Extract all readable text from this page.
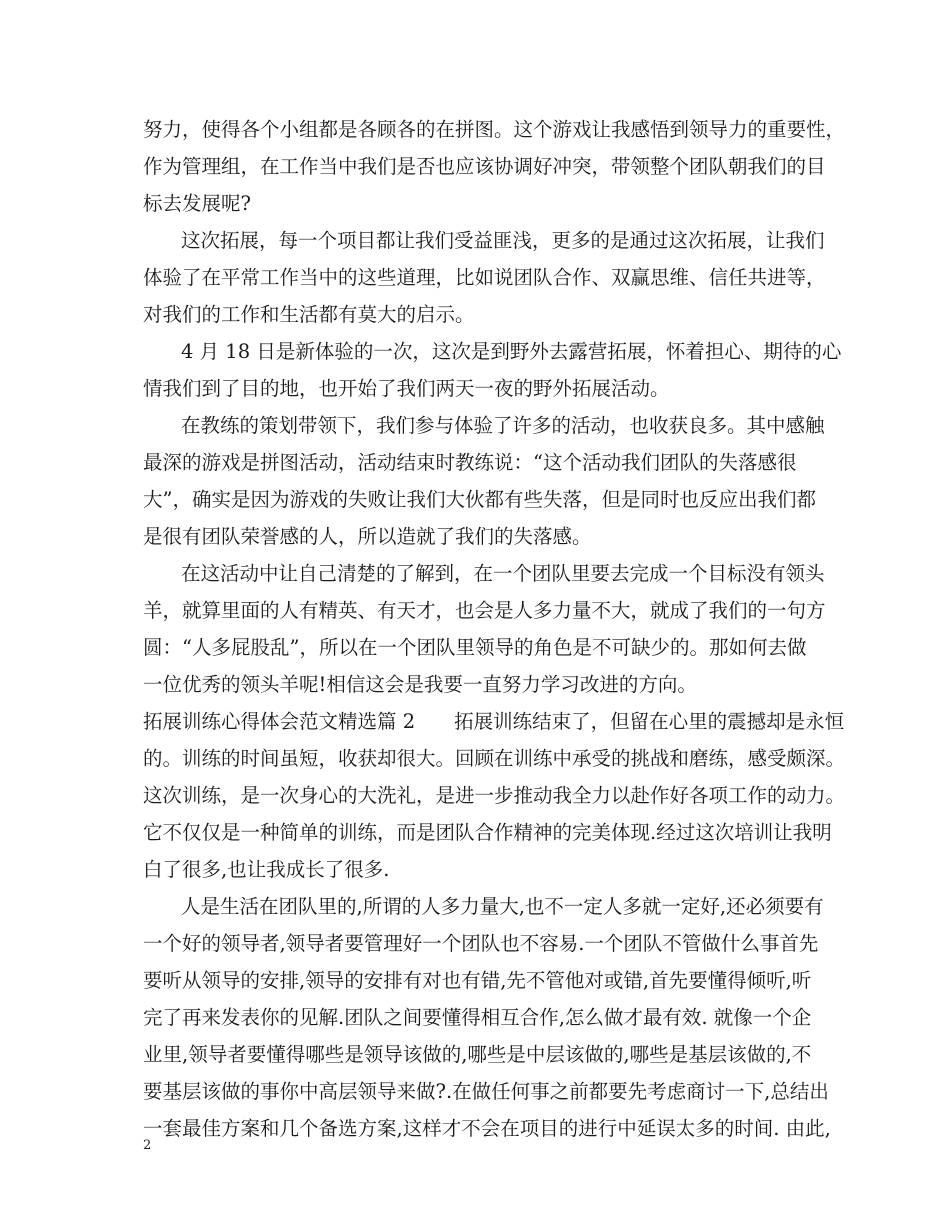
努力，使得各个小组都是各顾各的在拼图。这个游戏让我感悟到领导力的重要性，
作为管理组，在工作当中我们是否也应该协调好冲突，带领整个团队朝我们的目
标去发展呢?
这次拓展，每一个项目都让我们受益匪浅，更多的是通过这次拓展，让我们
体验了在平常工作当中的这些道理，比如说团队合作、双赢思维、信任共进等，
对我们的工作和生活都有莫大的启示。
4 月 18 日是新体验的一次，这次是到野外去露营拓展，怀着担心、期待的心
情我们到了目的地，也开始了我们两天一夜的野外拓展活动。
在教练的策划带领下，我们参与体验了许多的活动，也收获良多。其中感触
最深的游戏是拼图活动，活动结束时教练说：“这个活动我们团队的失落感很
大”，确实是因为游戏的失败让我们大伙都有些失落，但是同时也反应出我们都
是很有团队荣誉感的人，所以造就了我们的失落感。
在这活动中让自己清楚的了解到，在一个团队里要去完成一个目标没有领头
羊，就算里面的人有精英、有天才，也会是人多力量不大，就成了我们的一句方
圆：“人多屁股乱”，所以在一个团队里领导的角色是不可缺少的。那如何去做
一位优秀的领头羊呢!相信这会是我要一直努力学习改进的方向。
拓展训练心得体会范文精选篇 2　　拓展训练结束了，但留在心里的震撼却是永恒
的。训练的时间虽短，收获却很大。回顾在训练中承受的挑战和磨练，感受颇深。
这次训练，是一次身心的大洗礼，是进一步推动我全力以赴作好各项工作的动力。
它不仅仅是一种简单的训练，而是团队合作精神的完美体现.经过这次培训让我明
白了很多,也让我成长了很多.
人是生活在团队里的,所谓的人多力量大,也不一定人多就一定好,还必须要有
一个好的领导者,领导者要管理好一个团队也不容易.一个团队不管做什么事首先
要听从领导的安排,领导的安排有对也有错,先不管他对或错,首先要懂得倾听,听
完了再来发表你的见解.团队之间要懂得相互合作,怎么做才最有效. 就像一个企
业里,领导者要懂得哪些是领导该做的,哪些是中层该做的,哪些是基层该做的,不
要基层该做的事你中高层领导来做?.在做任何事之前都要先考虑商讨一下,总结出
一套最佳方案和几个备选方案,这样才不会在项目的进行中延误太多的时间. 由此,
2
